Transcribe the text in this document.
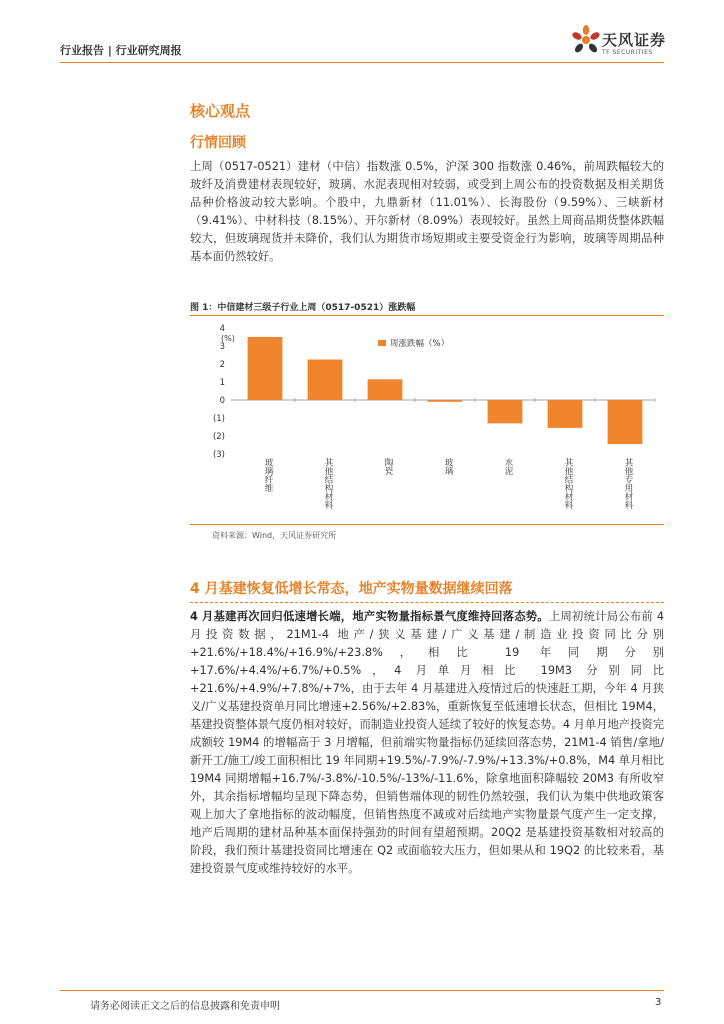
行业报告 | 行业研究周报
天风证券
TF SECURITIES
核心观点
行情回顾

上周（0517-0521）建材（中信）指数涨 0.5%，沪深 300 指数涨 0.46%，前周跌幅较大的玻纤及消费建材表现较好，玻璃、水泥表现相对较弱，或受到上周公布的投资数据及相关期货品种价格波动较大影响。个股中，九鼎新材（11.01%）、长海股份（9.59%）、三峡新材（9.41%）、中材科技（8.15%）、开尔新材（8.09%）表现较好。虽然上周商品期货整体跌幅较大，但玻璃现货并未降价，我们认为期货市场短期或主要受资金行为影响，玻璃等周期品种基本面仍然较好。

图 1：中信建材三级子行业上周（0517-0521）涨跌幅
4
3
2
1
0
(1)
(2)
(3)
(%)
玻璃纤维	其他结构材料	陶瓷	玻璃	水泥	其他结构材料	其他专用材料
周涨跌幅（%）
资料来源：Wind，天风证券研究所
4 月基建恢复低增长常态，地产实物量数据继续回落

4 月基建再次回归低速增长端，地产实物量指标景气度维持回落态势。上周初统计局公布前 4 月投资数据，21M1-4 地产/狭义基建/广义基建/制造业投资同比分别+21.6%/+18.4%/+16.9%/+23.8%，相比 19 年同期分别+17.6%/+4.4%/+6.7%/+0.5%，4 月单月相比 19M3 分别同比+21.6%/+4.9%/+7.8%/+7%，由于去年 4 月基建进入疫情过后的快速赶工期，今年 4 月狭义/广义基建投资单月同比增速+2.56%/+2.83%，重新恢复至低速增长状态，但相比 19M4，基建投资整体景气度仍相对较好，而制造业投资人延续了较好的恢复态势。4 月单月地产投资完成额较 19M4 的增幅高于 3 月增幅，但前端实物量指标仍延续回落态势，21M1-4 销售/拿地/新开工/施工/竣工面积相比 19 年同期+19.5%/-7.9%/-7.9%/+13.3%/+0.8%，M4 单月相比 19M4 同期增幅+16.7%/-3.8%/-10.5%/-13%/-11.6%，除拿地面积降幅较 20M3 有所收窄外，其余指标增幅均呈现下降态势，但销售端体现的韧性仍然较强，我们认为集中供地政策客观上加大了拿地指标的波动幅度，但销售热度不减或对后续地产实物量景气度产生一定支撑，地产后周期的建材品种基本面保持强劲的时间有望超预期。20Q2 是基建投资基数相对较高的阶段，我们预计基建投资同比增速在 Q2 或面临较大压力，但如果从和 19Q2 的比较来看，基建投资景气度或维持较好的水平。

请务必阅读正文之后的信息披露和免责申明	3
